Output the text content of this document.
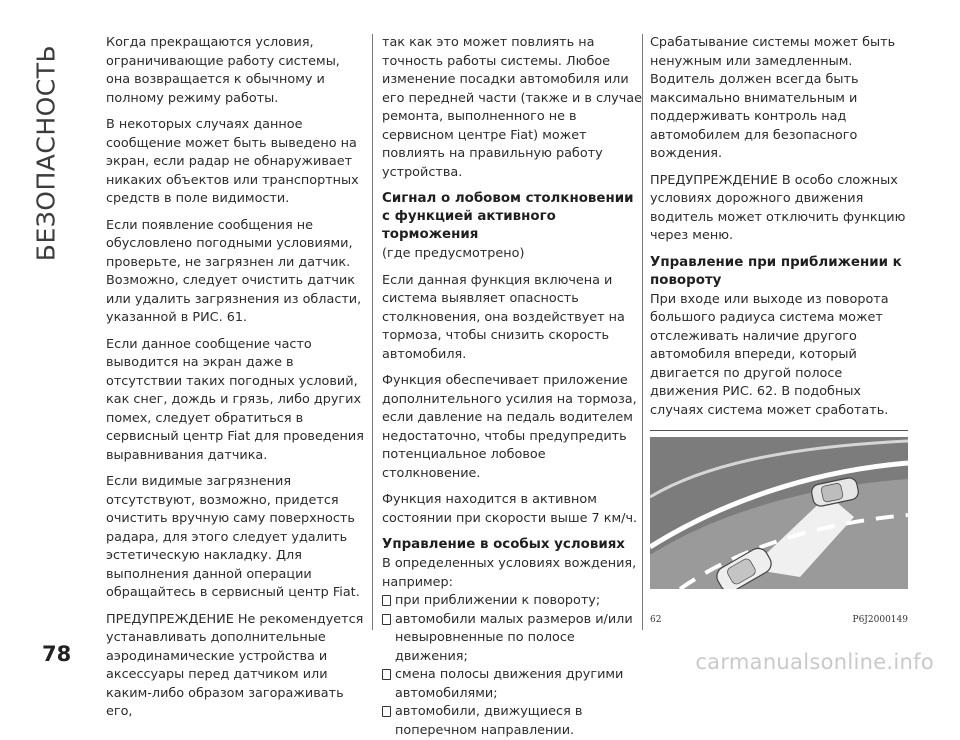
БЕЗОПАСНОСТЬ

Когда прекращаются условия, ограничивающие работу системы, она возвращается к обычному и полному режиму работы.

В некоторых случаях данное сообщение может быть выведено на экран, если радар не обнаруживает никаких объектов или транспортных средств в поле видимости.

Если появление сообщения не обусловлено погодными условиями, проверьте, не загрязнен ли датчик. Возможно, следует очистить датчик или удалить загрязнения из области, указанной в РИС. 61.

Если данное сообщение часто выводится на экран даже в отсутствии таких погодных условий, как снег, дождь и грязь, либо других помех, следует обратиться в сервисный центр Fiat для проведения выравнивания датчика.

Если видимые загрязнения отсутствуют, возможно, придется очистить вручную саму поверхность радара, для этого следует удалить эстетическую накладку. Для выполнения данной операции обращайтесь в сервисный центр Fiat.

ПРЕДУПРЕЖДЕНИЕ Не рекомендуется устанавливать дополнительные аэродинамические устройства и аксессуары перед датчиком или каким-либо образом загораживать его,

так как это может повлиять на точность работы системы. Любое изменение посадки автомобиля или его передней части (также и в случае ремонта, выполненного не в сервисном центре Fiat) может повлиять на правильную работу устройства.

Сигнал о лобовом столкновении с функцией активного торможения

(где предусмотрено)

Если данная функция включена и система выявляет опасность столкновения, она воздействует на тормоза, чтобы снизить скорость автомобиля.

Функция обеспечивает приложение дополнительного усилия на тормоза, если давление на педаль водителем недостаточно, чтобы предупредить потенциальное лобовое столкновение.

Функция находится в активном состоянии при скорости выше 7 км/ч.

Управление в особых условиях

В определенных условиях вождения, например:

при приближении к повороту;
автомобили малых размеров и/или невыровненные по полосе движения;
смена полосы движения другими автомобилями;
автомобили, движущиеся в поперечном направлении.

Срабатывание системы может быть ненужным или замедленным. Водитель должен всегда быть максимально внимательным и поддерживать контроль над автомобилем для безопасного вождения.

ПРЕДУПРЕЖДЕНИЕ В особо сложных условиях дорожного движения водитель может отключить функцию через меню.

Управление при приближении к повороту

При входе или выходе из поворота большого радиуса система может отслеживать наличие другого автомобиля впереди, который двигается по другой полосе движения РИС. 62. В подобных случаях система может сработать.

62	P6J2000149
78	carmanualsonline.info
